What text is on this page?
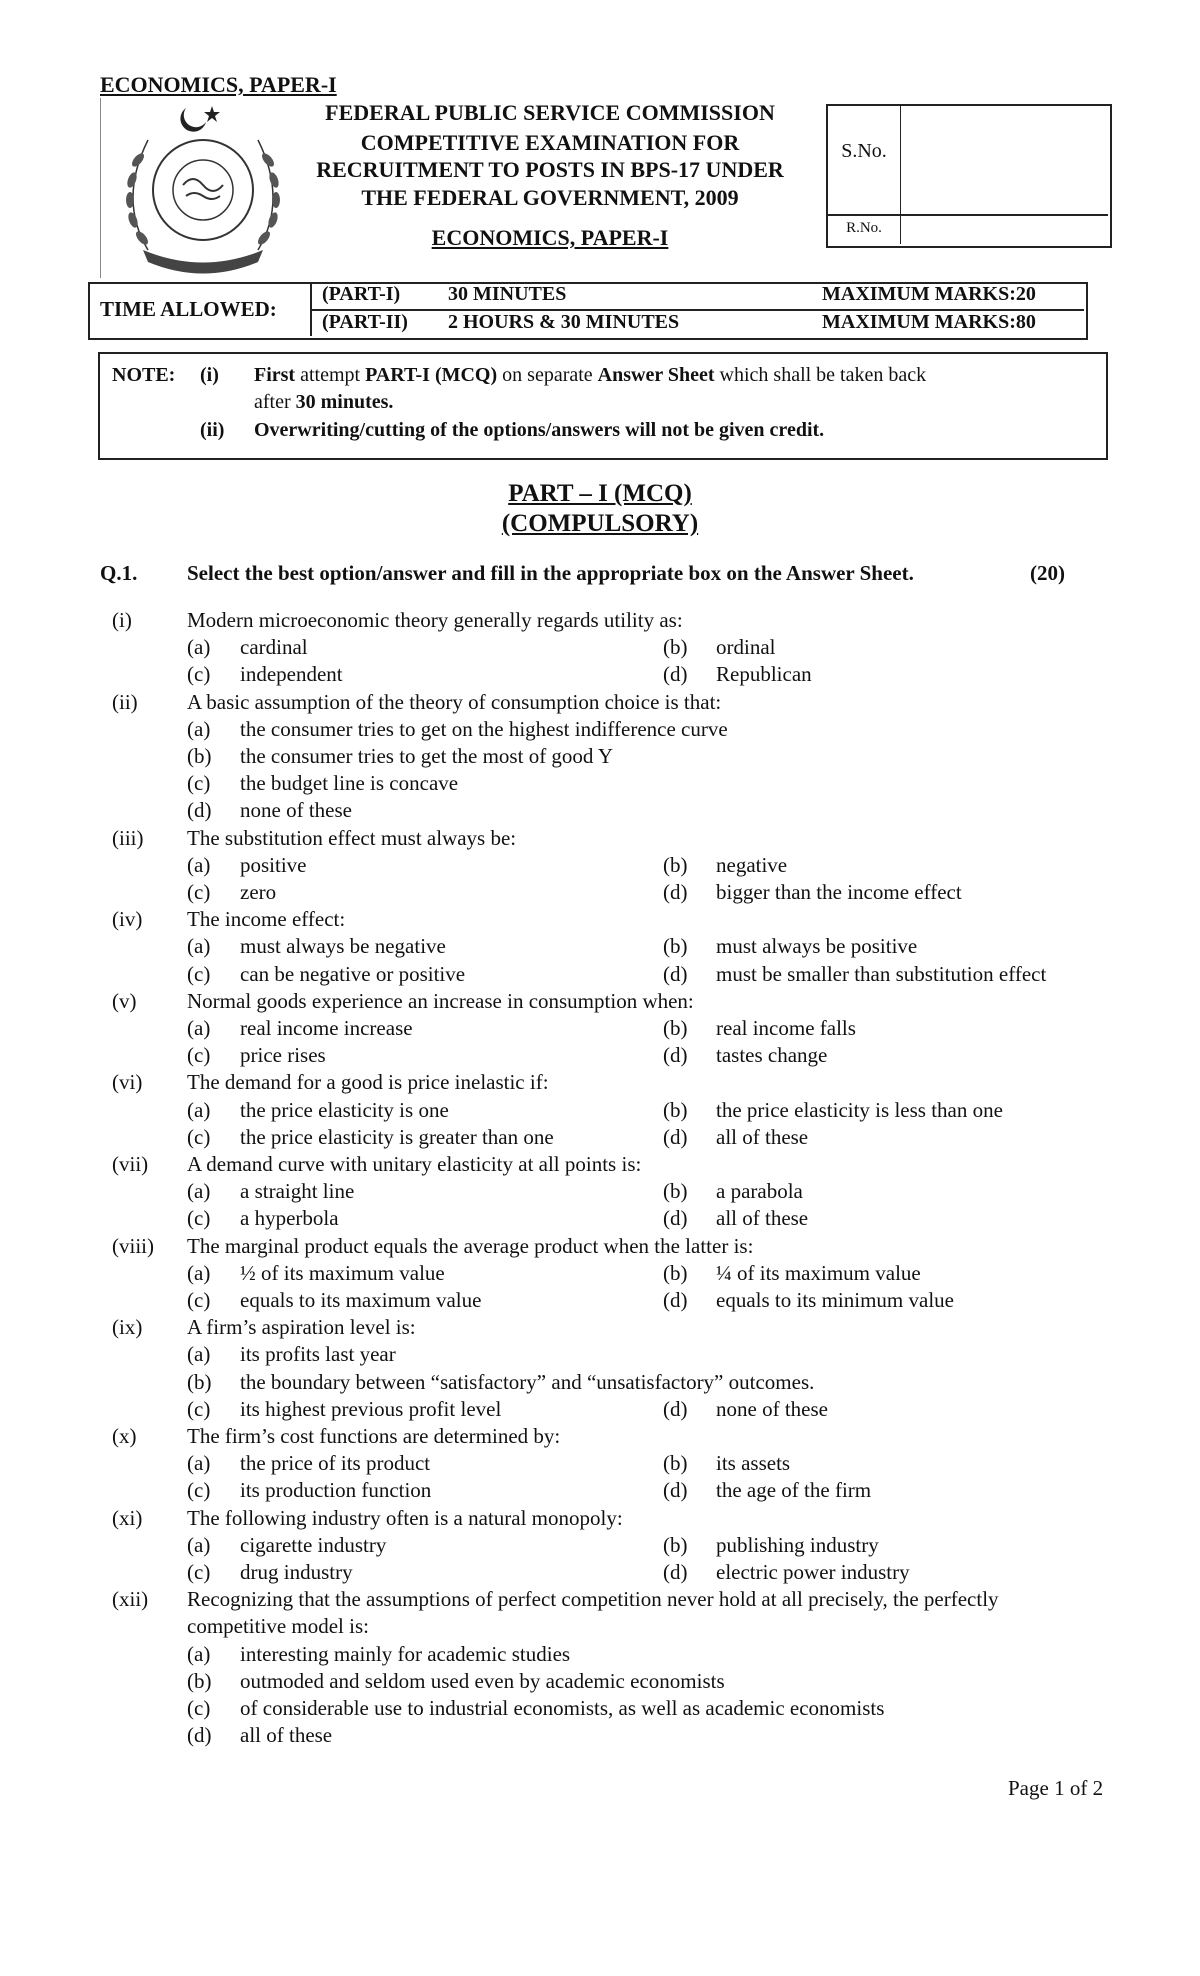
ECONOMICS, PAPER-I
FEDERAL PUBLIC SERVICE COMMISSION
COMPETITIVE EXAMINATION FOR
RECRUITMENT TO POSTS IN BPS-17 UNDER
THE FEDERAL GOVERNMENT, 2009
ECONOMICS, PAPER-I
S.No.
R.No.
TIME ALLOWED:
(PART-I) 30 MINUTES	MAXIMUM MARKS:20
(PART-II) 2 HOURS & 30 MINUTES	MAXIMUM MARKS:80
NOTE: (i) First attempt PART-I (MCQ) on separate Answer Sheet which shall be taken back
after 30 minutes.
(ii) Overwriting/cutting of the options/answers will not be given credit.
PART – I (MCQ)
(COMPULSORY)
Q.1. Select the best option/answer and fill in the appropriate box on the Answer Sheet.	(20)
(i)	Modern microeconomic theory generally regards utility as:
(a) cardinal	(b) ordinal
(c) independent	(d) Republican
(ii)	A basic assumption of the theory of consumption choice is that:
(a) the consumer tries to get on the highest indifference curve
(b) the consumer tries to get the most of good Y
(c) the budget line is concave
(d) none of these
(iii)	The substitution effect must always be:
(a) positive	(b) negative
(c) zero	(d) bigger than the income effect
(iv)	The income effect:
(a) must always be negative	(b) must always be positive
(c) can be negative or positive	(d) must be smaller than substitution effect
(v)	Normal goods experience an increase in consumption when:
(a) real income increase	(b) real income falls
(c) price rises	(d) tastes change
(vi)	The demand for a good is price inelastic if:
(a) the price elasticity is one	(b) the price elasticity is less than one
(c) the price elasticity is greater than one	(d) all of these
(vii)	A demand curve with unitary elasticity at all points is:
(a) a straight line	(b) a parabola
(c) a hyperbola	(d) all of these
(viii)	The marginal product equals the average product when the latter is:
(a) ½ of its maximum value	(b) ¼ of its maximum value
(c) equals to its maximum value	(d) equals to its minimum value
(ix)	A firm’s aspiration level is:
(a) its profits last year
(b) the boundary between “satisfactory” and “unsatisfactory” outcomes.
(c) its highest previous profit level	(d) none of these
(x)	The firm’s cost functions are determined by:
(a) the price of its product	(b) its assets
(c) its production function	(d) the age of the firm
(xi)	The following industry often is a natural monopoly:
(a) cigarette industry	(b) publishing industry
(c) drug industry	(d) electric power industry
(xii)	Recognizing that the assumptions of perfect competition never hold at all precisely, the perfectly
competitive model is:
(a) interesting mainly for academic studies
(b) outmoded and seldom used even by academic economists
(c) of considerable use to industrial economists, as well as academic economists
(d) all of these
Page 1 of 2
